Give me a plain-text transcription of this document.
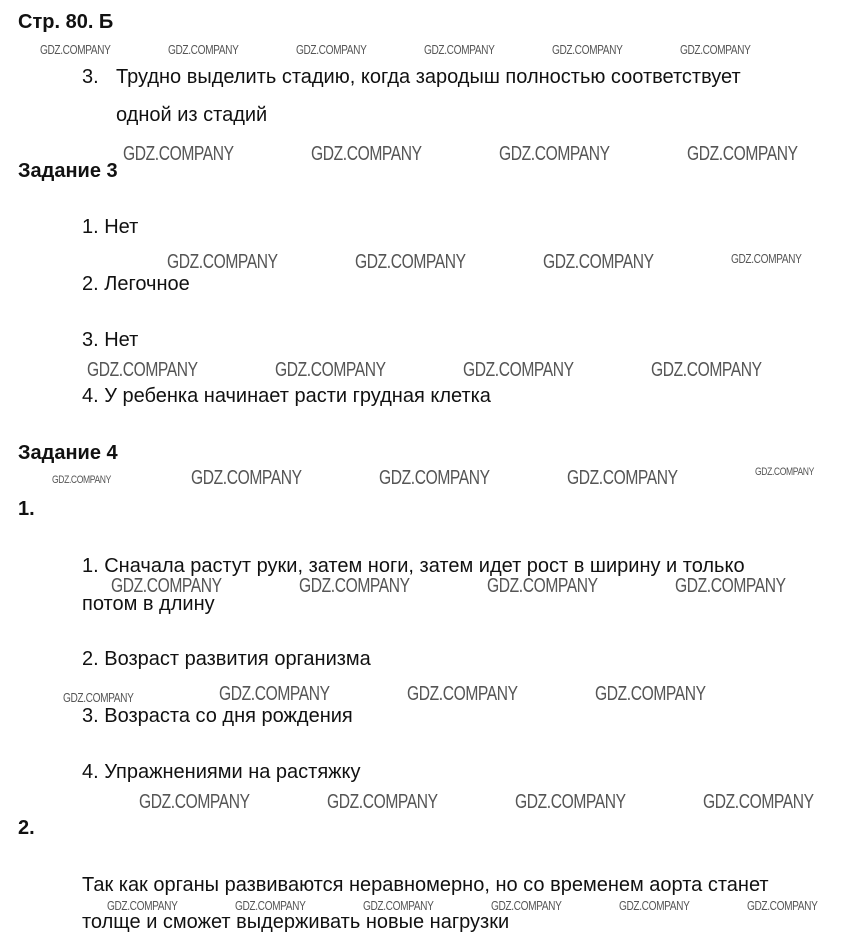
Стр. 80. Б
3. Трудно выделить стадию, когда зародыш полностью соответствует
одной из стадий
Задание 3
1. Нет
2. Легочное
3. Нет
4. У ребенка начинает расти грудная клетка
Задание 4
1.
1. Сначала растут руки, затем ноги, затем идет рост в ширину и только
потом в длину
2. Возраст развития организма
3. Возраста со дня рождения
4. Упражнениями на растяжку
2.
Так как органы развиваются неравномерно, но со временем аорта станет
толще и сможет выдерживать новые нагрузки
GDZ.COMPANY	GDZ.COMPANY	GDZ.COMPANY	GDZ.COMPANY	GDZ.COMPANY	GDZ.COMPANY
GDZ.COMPANY	GDZ.COMPANY	GDZ.COMPANY	GDZ.COMPANY
GDZ.COMPANY	GDZ.COMPANY	GDZ.COMPANY	GDZ.COMPANY
GDZ.COMPANY	GDZ.COMPANY	GDZ.COMPANY	GDZ.COMPANY
GDZ.COMPANY	GDZ.COMPANY	GDZ.COMPANY	GDZ.COMPANY	GDZ.COMPANY
GDZ.COMPANY	GDZ.COMPANY	GDZ.COMPANY	GDZ.COMPANY
GDZ.COMPANY	GDZ.COMPANY	GDZ.COMPANY	GDZ.COMPANY
GDZ.COMPANY	GDZ.COMPANY	GDZ.COMPANY	GDZ.COMPANY
GDZ.COMPANY	GDZ.COMPANY	GDZ.COMPANY	GDZ.COMPANY	GDZ.COMPANY	GDZ.COMPANY
